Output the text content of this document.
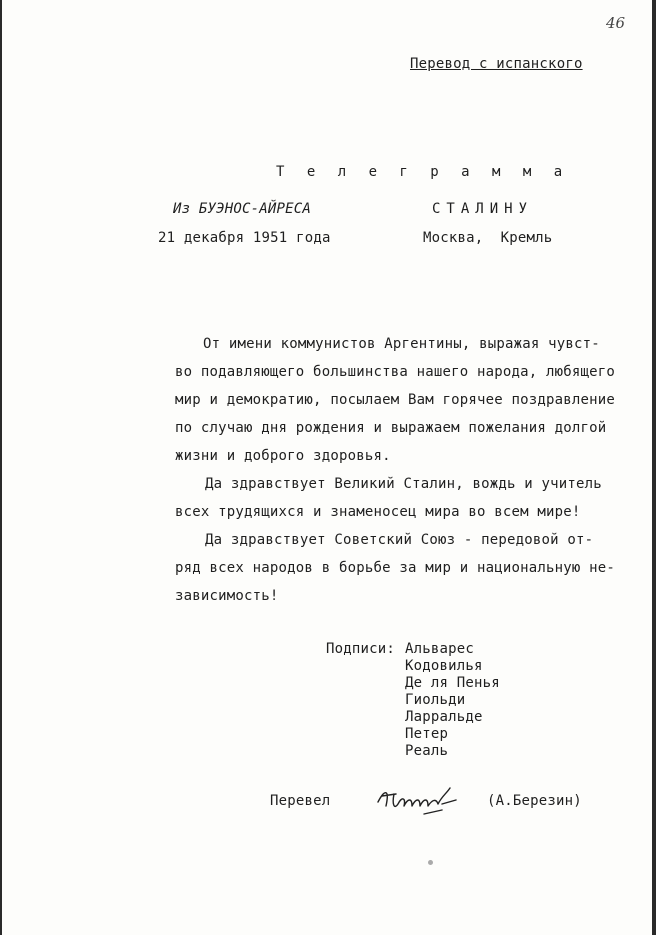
46
Перевод с испанского
Т е л е г р а м м а
Из БУЭНОС-АЙРЕСА
21 декабря 1951 года
СТАЛИНУ
Москва,  Кремль
От имени коммунистов Аргентины, выражая чувст-
во подавляющего большинства нашего народа, любящего
мир и демократию, посылаем Вам горячее поздравление
по случаю дня рождения и выражаем пожелания долгой
жизни и доброго здоровья.
Да здравствует Великий Сталин, вождь и учитель
всех трудящихся и знаменосец мира во всем мире!
Да здравствует Советский Союз - передовой от-
ряд всех народов в борьбе за мир и национальную не-
зависимость!
Подписи: Альварес
Кодовилья
Де ля Пенья
Гиольди
Ларральде
Петер
Реаль
Перевел	(А.Березин)
